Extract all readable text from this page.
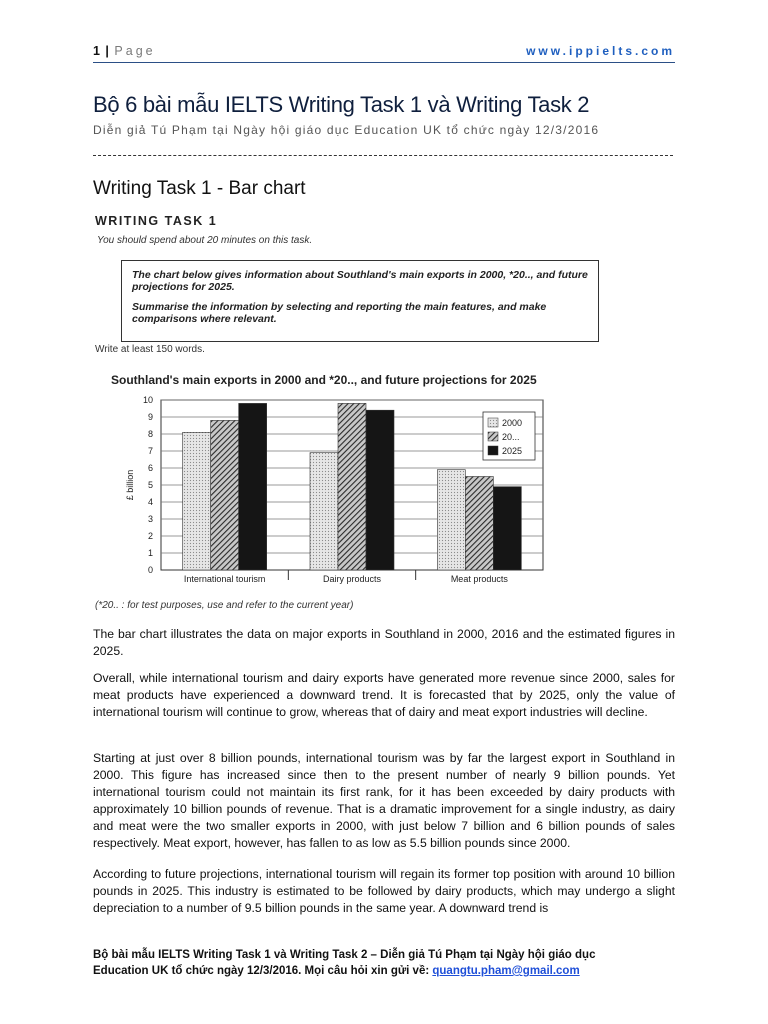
1 | Page	www.ippielts.com
Bộ 6 bài mẫu IELTS Writing Task 1 và Writing Task 2
Diễn giả Tú Phạm tại Ngày hội giáo dục Education UK tổ chức ngày 12/3/2016
Writing Task 1 - Bar chart
WRITING TASK 1
You should spend about 20 minutes on this task.

The chart below gives information about Southland's main exports in 2000, *20.., and future projections for 2025.

Summarise the information by selecting and reporting the main features, and make comparisons where relevant.

Write at least 150 words.
Southland's main exports in 2000 and *20.., and future projections for 2025
0
1
2
3
4
5
6
7
8
9
10
International tourism	Dairy products	Meat products
£ billion
2000
20...
2025
(*20.. : for test purposes, use and refer to the current year)

The bar chart illustrates the data on major exports in Southland in 2000, 2016 and the estimated figures in 2025.

Overall, while international tourism and dairy exports have generated more revenue since 2000, sales for meat products have experienced a downward trend. It is forecasted that by 2025, only the value of international tourism will continue to grow, whereas that of dairy and meat export industries will decline.

Starting at just over 8 billion pounds, international tourism was by far the largest export in Southland in 2000. This figure has increased since then to the present number of nearly 9 billion pounds. Yet international tourism could not maintain its first rank, for it has been exceeded by dairy products with approximately 10 billion pounds of revenue. That is a dramatic improvement for a single industry, as dairy and meat were the two smaller exports in 2000, with just below 7 billion and 6 billion pounds of sales respectively. Meat export, however, has fallen to as low as 5.5 billion pounds since 2000.

According to future projections, international tourism will regain its former top position with around 10 billion pounds in 2025. This industry is estimated to be followed by dairy products, which may undergo a slight depreciation to a number of 9.5 billion pounds in the same year. A downward trend is

Bộ bài mẫu IELTS Writing Task 1 và Writing Task 2 – Diễn giả Tú Phạm tại Ngày hội giáo dục
Education UK tổ chức ngày 12/3/2016. Mọi câu hỏi xin gửi về: quangtu.pham@gmail.com
